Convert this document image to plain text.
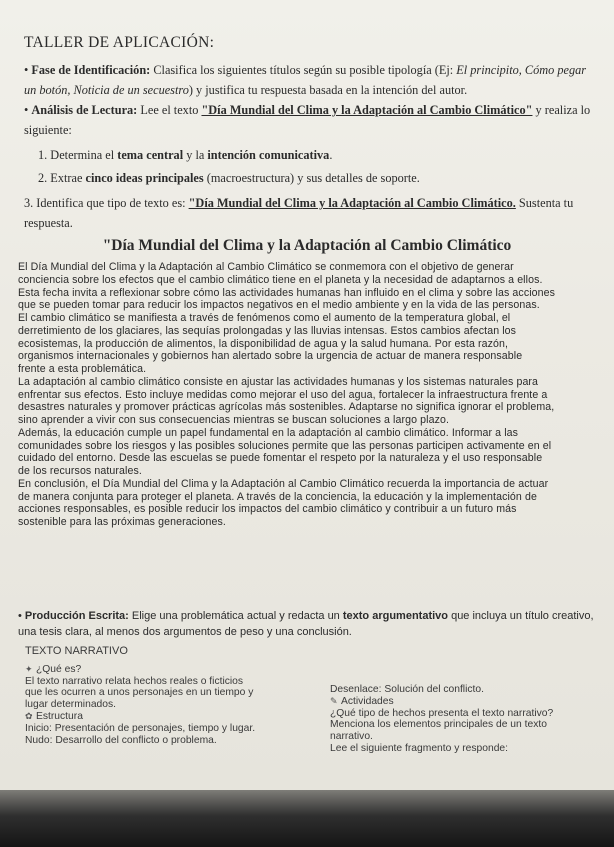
TALLER DE APLICACIÓN:
• Fase de Identificación: Clasifica los siguientes títulos según su posible tipología (Ej: El principito, Cómo pegar un botón, Noticia de un secuestro) y justifica tu respuesta basada en la intención del autor.
• Análisis de Lectura: Lee el texto "Día Mundial del Clima y la Adaptación al Cambio Climático" y realiza lo siguiente:
1. Determina el tema central y la intención comunicativa.
2. Extrae cinco ideas principales (macroestructura) y sus detalles de soporte.
3. Identifica que tipo de texto es: "Día Mundial del Clima y la Adaptación al Cambio Climático. Sustenta tu respuesta.
"Día Mundial del Clima y la Adaptación al Cambio Climático

El Día Mundial del Clima y la Adaptación al Cambio Climático se conmemora con el objetivo de generar

conciencia sobre los efectos que el cambio climático tiene en el planeta y la necesidad de adaptarnos a ellos.

Esta fecha invita a reflexionar sobre cómo las actividades humanas han influido en el clima y sobre las acciones

que se pueden tomar para reducir los impactos negativos en el medio ambiente y en la vida de las personas.

El cambio climático se manifiesta a través de fenómenos como el aumento de la temperatura global, el

derretimiento de los glaciares, las sequías prolongadas y las lluvias intensas. Estos cambios afectan los

ecosistemas, la producción de alimentos, la disponibilidad de agua y la salud humana. Por esta razón,

organismos internacionales y gobiernos han alertado sobre la urgencia de actuar de manera responsable

frente a esta problemática.

La adaptación al cambio climático consiste en ajustar las actividades humanas y los sistemas naturales para

enfrentar sus efectos. Esto incluye medidas como mejorar el uso del agua, fortalecer la infraestructura frente a

desastres naturales y promover prácticas agrícolas más sostenibles. Adaptarse no significa ignorar el problema,

sino aprender a vivir con sus consecuencias mientras se buscan soluciones a largo plazo.

Además, la educación cumple un papel fundamental en la adaptación al cambio climático. Informar a las

comunidades sobre los riesgos y las posibles soluciones permite que las personas participen activamente en el

cuidado del entorno. Desde las escuelas se puede fomentar el respeto por la naturaleza y el uso responsable

de los recursos naturales.

En conclusión, el Día Mundial del Clima y la Adaptación al Cambio Climático recuerda la importancia de actuar

de manera conjunta para proteger el planeta. A través de la conciencia, la educación y la implementación de

acciones responsables, es posible reducir los impactos del cambio climático y contribuir a un futuro más

sostenible para las próximas generaciones.

• Producción Escrita: Elige una problemática actual y redacta un texto argumentativo que incluya un título creativo, una tesis clara, al menos dos argumentos de peso y una conclusión.
TEXTO NARRATIVO
✦ ¿Qué es?
El texto narrativo relata hechos reales o ficticios
que les ocurren a unos personajes en un tiempo y
lugar determinados.
✿ Estructura
Inicio: Presentación de personajes, tiempo y lugar.
Nudo: Desarrollo del conflicto o problema.
Desenlace: Solución del conflicto.
✎ Actividades
¿Qué tipo de hechos presenta el texto narrativo?
Menciona los elementos principales de un texto
narrativo.
Lee el siguiente fragmento y responde:
